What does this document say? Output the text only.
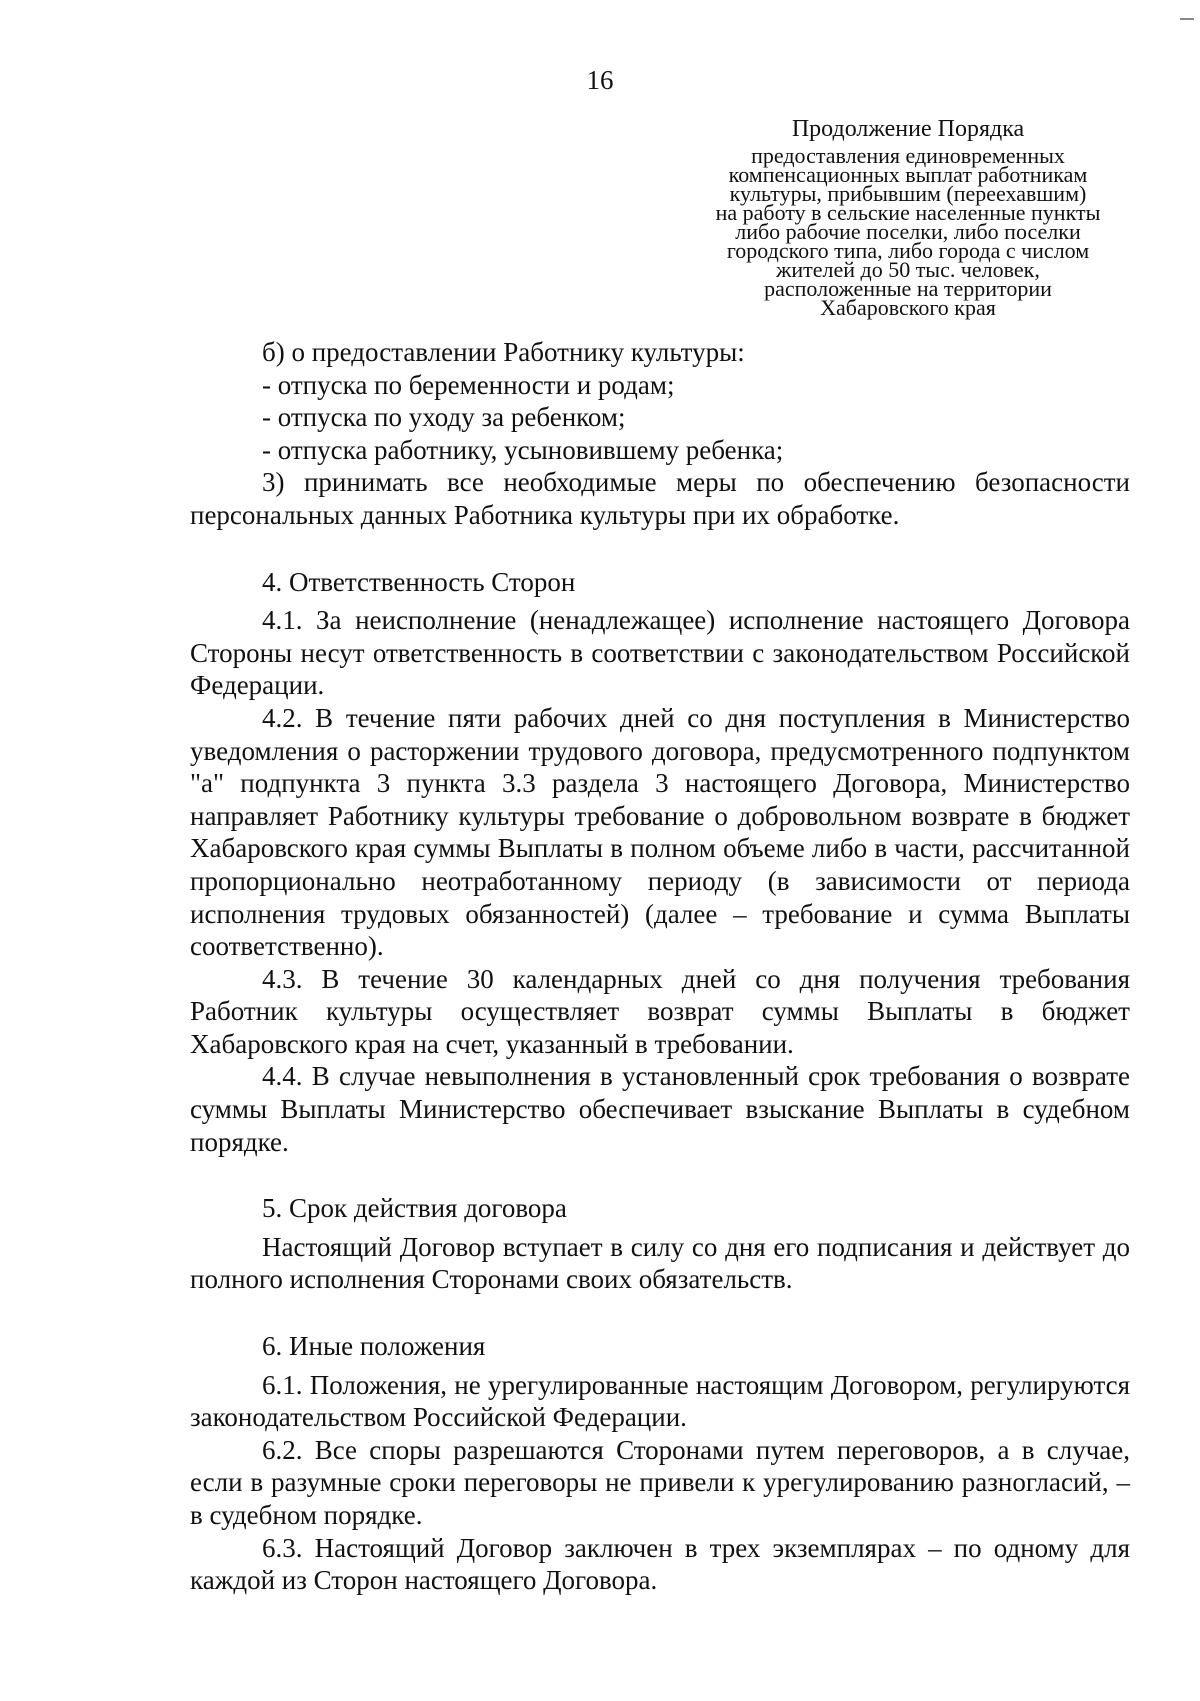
16
Продолжение Порядка
предоставления единовременных
компенсационных выплат работникам
культуры, прибывшим (переехавшим)
на работу в сельские населенные пункты
либо рабочие поселки, либо поселки
городского типа, либо города с числом
жителей до 50 тыс. человек,
расположенные на территории
Хабаровского края

б) о предоставлении Работнику культуры:

- отпуска по беременности и родам;

- отпуска по уходу за ребенком;

- отпуска работнику, усыновившему ребенка;

3) принимать все необходимые меры по обеспечению безопасности персональных данных Работника культуры при их обработке.

4. Ответственность Сторон

4.1. За неисполнение (ненадлежащее) исполнение настоящего Договора Стороны несут ответственность в соответствии с законодательством Российской Федерации.

4.2. В течение пяти рабочих дней со дня поступления в Министерство уведомления о расторжении трудового договора, предусмотренного подпунктом "а" подпункта 3 пункта 3.3 раздела 3 настоящего Договора, Министерство направляет Работнику культуры требование о добровольном возврате в бюджет Хабаровского края суммы Выплаты в полном объеме либо в части, рассчитанной пропорционально неотработанному периоду (в зависимости от периода исполнения трудовых обязанностей) (далее – требование и сумма Выплаты соответственно).

4.3. В течение 30 календарных дней со дня получения требования Работник культуры осуществляет возврат суммы Выплаты в бюджет Хабаровского края на счет, указанный в требовании.

4.4. В случае невыполнения в установленный срок требования о возврате суммы Выплаты Министерство обеспечивает взыскание Выплаты в судебном порядке.

5. Срок действия договора

Настоящий Договор вступает в силу со дня его подписания и действует до полного исполнения Сторонами своих обязательств.

6. Иные положения

6.1. Положения, не урегулированные настоящим Договором, регулируются законодательством Российской Федерации.

6.2. Все споры разрешаются Сторонами путем переговоров, а в случае, если в разумные сроки переговоры не привели к урегулированию разногласий, – в судебном порядке.

6.3. Настоящий Договор заключен в трех экземплярах – по одному для каждой из Сторон настоящего Договора.
